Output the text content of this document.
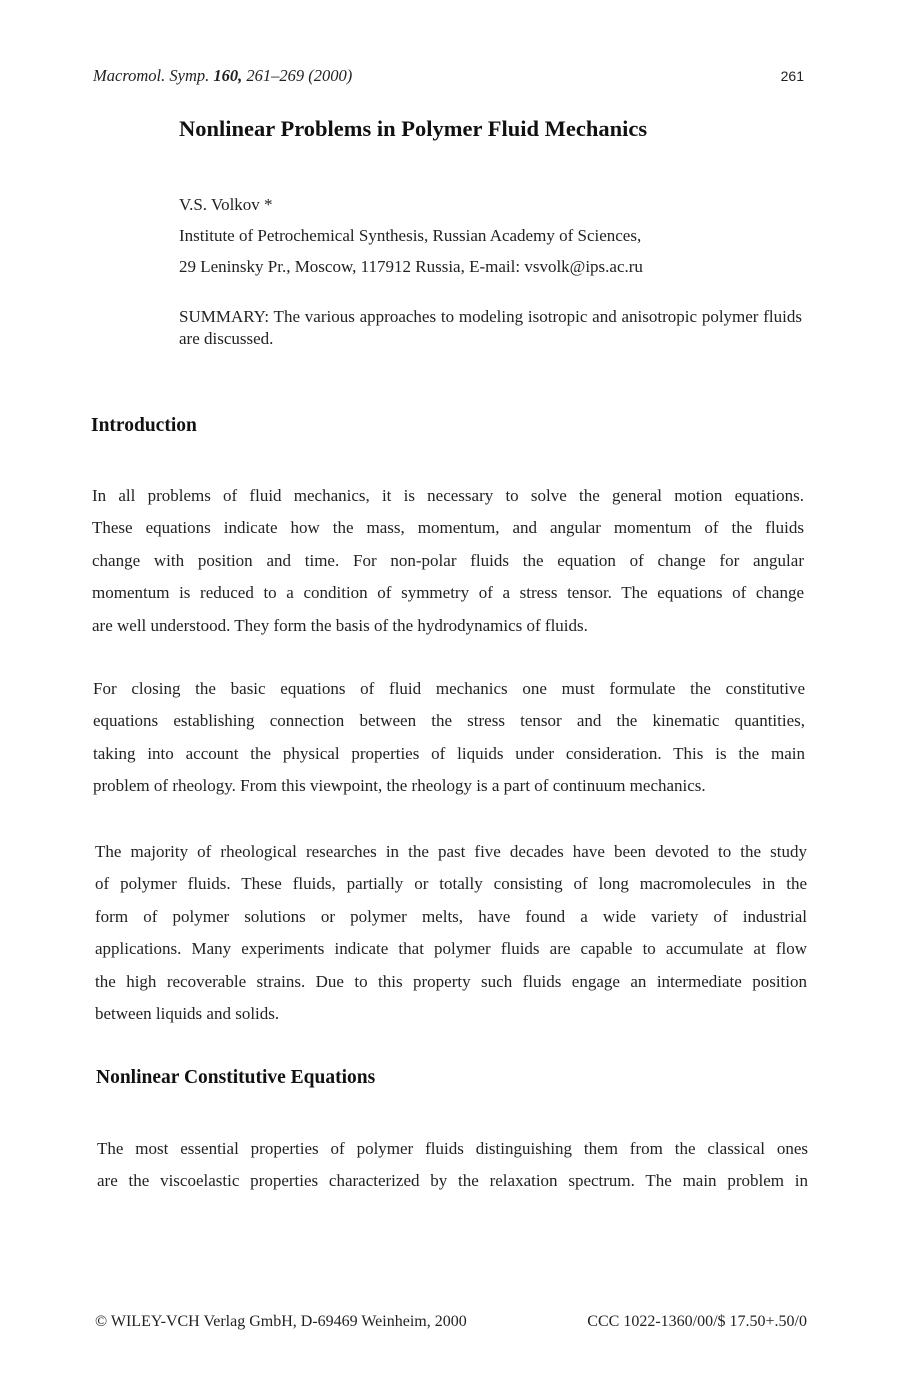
Macromol. Symp. 160, 261–269 (2000)	261
Nonlinear Problems in Polymer Fluid Mechanics
V.S. Volkov *
Institute of Petrochemical Synthesis, Russian Academy of Sciences,
29 Leninsky Pr., Moscow, 117912 Russia, E-mail: vsvolk@ips.ac.ru
SUMMARY: The various approaches to modeling isotropic and anisotropic polymer fluids are discussed.
Introduction
In all problems of fluid mechanics, it is necessary to solve the general motion equations.
These equations indicate how the mass, momentum, and angular momentum of the fluids
change with position and time. For non-polar fluids the equation of change for angular
momentum is reduced to a condition of symmetry of a stress tensor. The equations of change
are well understood. They form the basis of the hydrodynamics of fluids.
For closing the basic equations of fluid mechanics one must formulate the constitutive
equations establishing connection between the stress tensor and the kinematic quantities,
taking into account the physical properties of liquids under consideration. This is the main
problem of rheology. From this viewpoint, the rheology is a part of continuum mechanics.
The majority of rheological researches in the past five decades have been devoted to the study
of polymer fluids. These fluids, partially or totally consisting of long macromolecules in the
form of polymer solutions or polymer melts, have found a wide variety of industrial
applications. Many experiments indicate that polymer fluids are capable to accumulate at flow
the high recoverable strains. Due to this property such fluids engage an intermediate position
between liquids and solids.
Nonlinear Constitutive Equations
The most essential properties of polymer fluids distinguishing them from the classical ones
are the viscoelastic properties characterized by the relaxation spectrum. The main problem in
© WILEY-VCH Verlag GmbH, D-69469 Weinheim, 2000	CCC 1022-1360/00/$ 17.50+.50/0
